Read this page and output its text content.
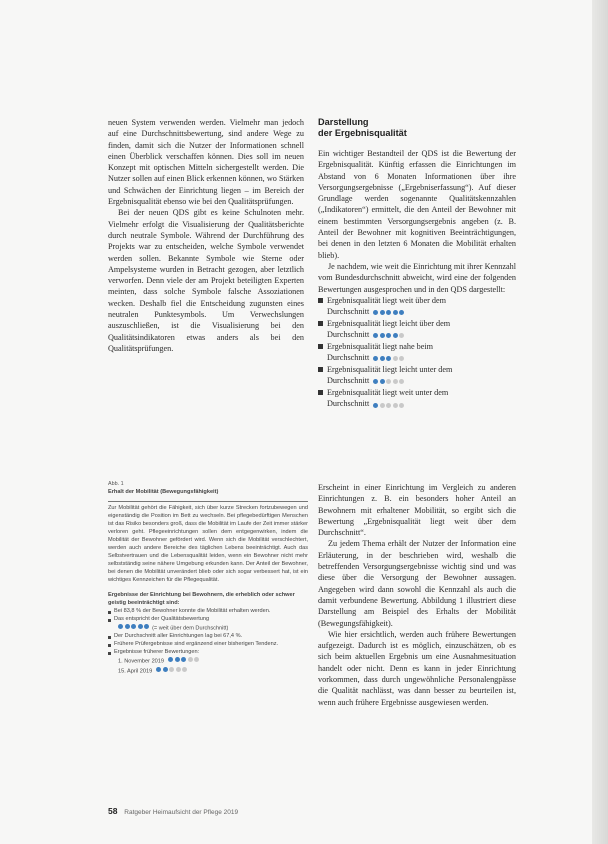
neuen System verwenden werden. Vielmehr man jedoch auf eine Durchschnittsbewertung, sind andere Wege zu finden, damit sich die Nutzer der Informationen schnell einen Überblick verschaffen können. Dies soll im neuen Konzept mit optischen Mitteln sichergestellt werden. Die Nutzer sollen auf einen Blick erkennen können, wo Stärken und Schwächen der Einrichtung liegen – im Bereich der Ergebnisqualität ebenso wie bei den Qualitätsprüfungen.

Bei der neuen QDS gibt es keine Schulnoten mehr. Vielmehr erfolgt die Visualisierung der Qualitätsberichte durch neutrale Symbole. Während der Durchführung des Projekts war zu entscheiden, welche Symbole verwendet werden sollen. Bekannte Symbole wie Sterne oder Ampelsysteme wurden in Betracht gezogen, aber letztlich verworfen. Denn viele der am Projekt beteiligten Experten meinten, dass solche Symbole falsche Assoziationen wecken. Deshalb fiel die Entscheidung zugunsten eines neutralen Punktesymbols. Um Verwechslungen auszuschließen, ist die Visualisierung bei den Qualitätsindikatoren etwas anders als bei den Qualitätsprüfungen.

Darstellung
der Ergebnisqualität

Ein wichtiger Bestandteil der QDS ist die Bewertung der Ergebnisqualität. Künftig erfassen die Einrichtungen im Abstand von 6 Monaten Informationen über ihre Versorgungsergebnisse („Ergebniserfassung“). Auf dieser Grundlage werden sogenannte Qualitätskennzahlen („Indikatoren“) ermittelt, die den Anteil der Bewohner mit einem bestimmten Versorgungsergebnis angeben (z. B. Anteil der Bewohner mit kognitiven Beeinträchtigungen, bei denen in den letzten 6 Monaten die Mobilität erhalten blieb).

Je nachdem, wie weit die Einrichtung mit ihrer Kennzahl vom Bundesdurchschnitt abweicht, wird eine der folgenden Bewertungen ausgesprochen und in den QDS dargestellt:

Ergebnisqualität liegt weit über dem
Durchschnitt
Ergebnisqualität liegt leicht über dem
Durchschnitt
Ergebnisqualität liegt nahe beim
Durchschnitt
Ergebnisqualität liegt leicht unter dem
Durchschnitt
Ergebnisqualität liegt weit unter dem
Durchschnitt
Abb. 1
Erhalt der Mobilität (Bewegungsfähigkeit)

Zur Mobilität gehört die Fähigkeit, sich über kurze Strecken fortzubewegen und eigenständig die Position im Bett zu wechseln. Bei pflegebedürftigen Menschen ist das Risiko besonders groß, dass die Mobilität im Laufe der Zeit immer stärker verloren geht. Pflegeeinrichtungen sollen dem entgegenwirken, indem die Mobilität der Bewohner gefördert wird. Wenn sich die Mobilität verschlechtert, werden auch andere Bereiche des täglichen Lebens beeinträchtigt. Auch das Selbstvertrauen und die Lebensqualität leiden, wenn ein Bewohner nicht mehr selbstständig seine nähere Umgebung erkunden kann. Der Anteil der Bewohner, bei denen die Mobilität unverändert blieb oder sich sogar verbessert hat, ist ein wichtiges Kennzeichen für die Pflegequalität.

Ergebnisse der Einrichtung bei Bewohnern, die erheblich oder schwer geistig beeinträchtigt sind:
Bei 83,8 % der Bewohner konnte die Mobilität erhalten werden.
Das entspricht der Qualitätsbewertung
(= weit über dem Durchschnitt)
Der Durchschnitt aller Einrichtungen lag bei 67,4 %.
Frühere Prüfergebnisse sind ergänzend einer bisherigen Tendenz.
Ergebnisse früherer Bewertungen:
1. November 2019
15. April 2019

Erscheint in einer Einrichtung im Vergleich zu anderen Einrichtungen z. B. ein besonders hoher Anteil an Bewohnern mit erhaltener Mobilität, so ergibt sich die Bewertung „Ergebnisqualität liegt weit über dem Durchschnitt“.

Zu jedem Thema erhält der Nutzer der Information eine Erläuterung, in der beschrieben wird, weshalb die betreffenden Versorgungsergebnisse wichtig sind und was diese über die Versorgung der Bewohner aussagen. Angegeben wird dann sowohl die Kennzahl als auch die damit verbundene Bewertung. Abbildung 1 illustriert diese Darstellung am Beispiel des Erhalts der Mobilität (Bewegungsfähigkeit).

Wie hier ersichtlich, werden auch frühere Bewertungen aufgezeigt. Dadurch ist es möglich, einzuschätzen, ob es sich beim aktuellen Ergebnis um eine Ausnahmesituation handelt oder nicht. Denn es kann in jeder Einrichtung vorkommen, dass durch ungewöhnliche Personalengpässe die Qualität nachlässt, was dann besser zu beurteilen ist, wenn auch frühere Ergebnisse ausgewiesen werden.

58 Ratgeber Heimaufsicht der Pflege 2019
